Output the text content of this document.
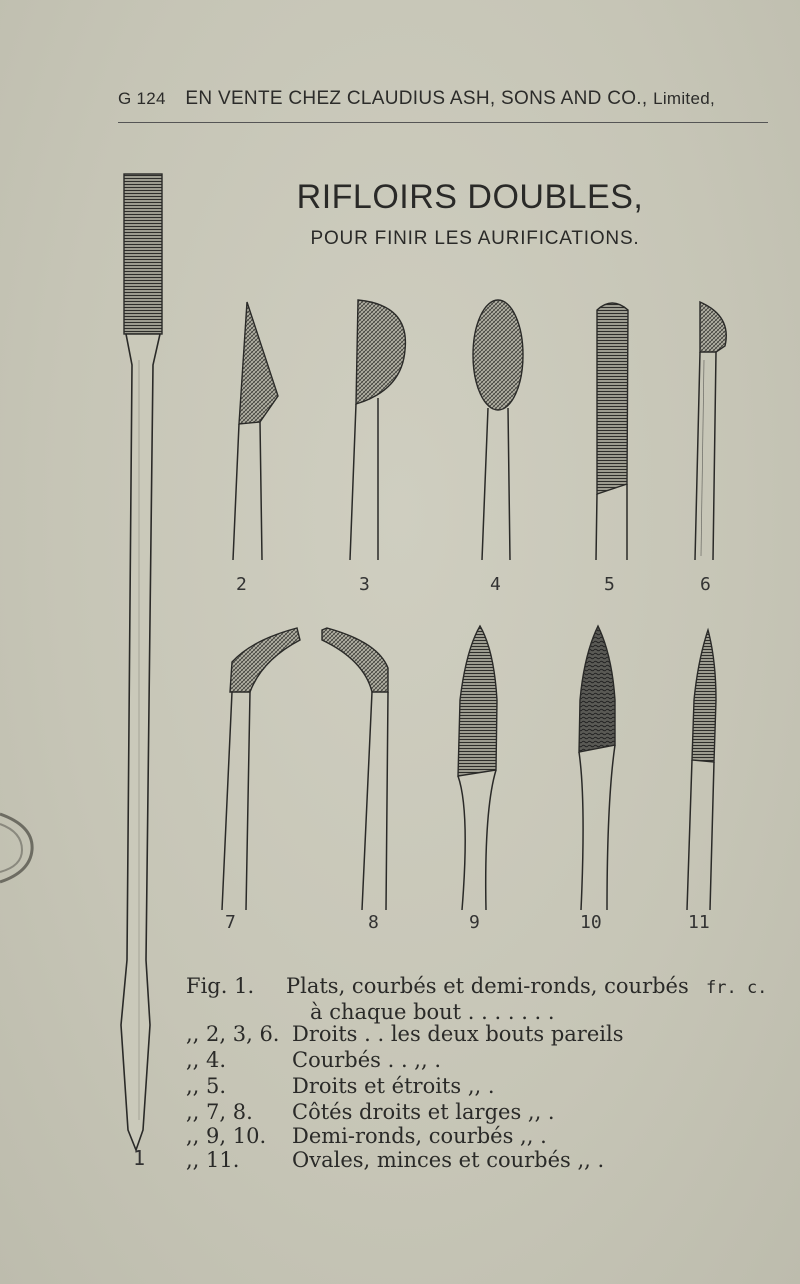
G 124 EN VENTE CHEZ CLAUDIUS ASH, SONS AND CO., Limited,
RIFLOIRS DOUBLES,
POUR FINIR LES AURIFICATIONS.
2	3	4	5	6
7	8	9	10	11
1
fr. c.
Fig. 1. Plats, courbés et demi-ronds, courbés
à chaque bout . . . . . . .
,, 2, 3, 6. Droits . . les deux bouts pareils
,, 4.	Courbés . . ,, .
,, 5.	Droits et étroits ,, .
,, 7, 8. Côtés droits et larges ,, .
,, 9, 10. Demi-ronds, courbés ,, .
,, 11.	Ovales, minces et courbés ,, .
